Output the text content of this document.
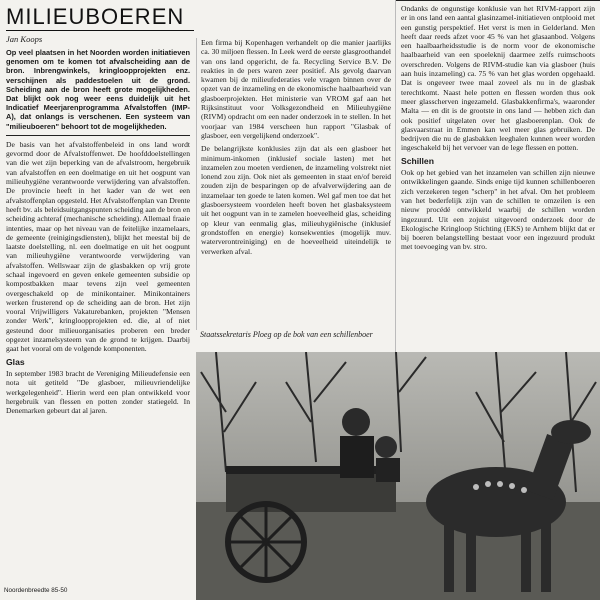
MILIEUBOEREN
Jan Koops

Op veel plaatsen in het Noorden worden initiatieven genomen om te komen tot afvalscheiding aan de bron. Inbrengwinkels, kringloopprojekten enz. verschijnen als paddestoelen uit de grond. Scheiding aan de bron heeft grote mogelijkheden. Dat blijkt ook nog weer eens duidelijk uit het Indicatief Meerjarenprogramma Afvalstoffen (IMP-A), dat onlangs is verschenen. Een systeem van "milieuboeren" behoort tot de mogelijkheden.

De basis van het afvalstoffenbeleid in ons land wordt gevormd door de Afvalstoffenwet. De hoofddoelstellingen van die wet zijn beperking van de afvalstroom, hergebruik van afvalstoffen en een doelmatige en uit het oogpunt van milieuhygiëne verantwoorde verwijdering van afvalstoffen. De provincie heeft in het kader van de wet een afvalstoffenplan opgesteld. Het Afvalstoffenplan van Drente heeft bv. als beleidsuitgangspunten scheiding aan de bron en scheiding achteraf (mechanische scheiding). Allemaal fraaie intenties, maar op het niveau van de feitelijke inzamelaars, de gemeente (reinigingsdiensten), blijkt het meestal bij de laatste doelstelling, nl. een doelmatige en uit het oogpunt van milieuhygiëne verantwoorde verwijdering van afvalstoffen. Wellswaar zijn de glasbakken op vrij grote schaal ingevoerd en geven enkele gemeenten subsidie op kompostbakken maar tevens zijn veel gemeenten overgeschakeld op de minikontainer. Minikontainers werken frusterend op de scheiding aan de bron. Het zijn vooral Vrijwilligers Vakaturebanken, projekten "Mensen zonder Werk", kringloopprojekten ed. die, al of niet gesteund door milieuorganisaties proberen een breder opgezet inzamelsysteem van de grond te krijgen. Daarbij gaat het vooral om de volgende komponenten.

Glas

In september 1983 bracht de Vereniging Milieudefensie een nota uit getiteld "De glasboer, milieuvriendelijke werkgelegenheid". Hierin werd een plan ontwikkeld voor hergebruik van flessen en potten zonder statiegeld. In Denemarken gebeurt dat al jaren.

Een firma bij Kopenhagen verhandelt op die manier jaarlijks ca. 30 miljoen flessen. In Leek werd de eerste glasgroothandel van ons land opgericht, de fa. Recycling Service B.V. De reakties in de pers waren zeer positief. Als gevolg daarvan kwamen bij de milieufederaties vele vragen binnen over de opzet van de inzameling en de ekonomische haalbaarheid van glasboerprojekten. Het ministerie van VROM gaf aan het Rijksinstituut voor Volksgezondheid en Milieuhygiëne (RIVM) opdracht om een nader onderzoek in te stellen. In het voorjaar van 1984 verscheen hun rapport "Glasbak of glasboer, een vergelijkend onderzoek".

De belangrijkste konklusies zijn dat als een glasboer het minimum-inkomen (inklusief sociale lasten) met het inzamelen zou moeten verdienen, de inzameling volstrekt niet lonend zou zijn. Ook niet als gemeenten in staat en/of bereid zouden zijn de besparingen op de afvalverwijdering aan de inzamelaar ten goede te laten komen. Wel gaf men toe dat het glasboersysteem voordelen heeft boven het glasbaksysteem uit het oogpunt van in te zamelen hoeveelheid glas, scheiding op kleur van eenmalig glas, milieuhygiënische (inklusief grondstoffen en energie) konsekwenties (mogelijk muv. waterverontreiniging) en de hoeveelheid uiteindelijk te verwerken afval.

Staatssekretaris Ploeg op de bok van een schillenboer

Ondanks de ongunstige konklusie van het RIVM-rapport zijn er in ons land een aantal glasinzamel-initiatieven ontplooid met een gunstig perspektief. Het verst is men in Gelderland. Men heeft daar reeds afzet voor 45 % van het glasaanbod. Volgens een haalbaarheidsstudie is de norm voor de ekonomische haalbaarheid van een spoeleknij daarmee zelfs ruimschoots overschreden. Volgens de RIVM-studie kan via glasboer (huis aan huis inzameling) ca. 75 % van het glas worden opgehaald. Dat is ongeveer twee maal zoveel als nu in de glasbak terechtkomt. Naast hele potten en flessen worden thus ook meer glasscherven ingezameld. Glasbakkenfirma's, waaronder Malta — en dit is de grootste in ons land — hebben zich dan ook positief uitgelaten over het glasboerenplan. Ook de glasvaarstraat in Emmen kan wel meer glas gebruiken. De bedrijven die nu de glasbakken leeghalen kunnen weer worden ingeschakeld bij het vervoer van de lege flessen en potten.

Schillen

Ook op het gebied van het inzamelen van schillen zijn nieuwe ontwikkelingen gaande. Sinds enige tijd kunnen schillenboeren zich verzekeren tegen "scherp" in het afval. Om het probleem van het bederfelijk zijn van de schillen te omzeilen is een nieuw procédé ontwikkeld waarbij de schillen worden ingezuurd. Uit een zojuist uitgevoerd onderzoek door de Ekologische Kringloop Stichting (EKS) te Arnhem blijkt dat er bij boeren belangstelling bestaat voor een ingezuurd produkt met toevoeging van bv. stro.

Noordenbreedte 85-50
